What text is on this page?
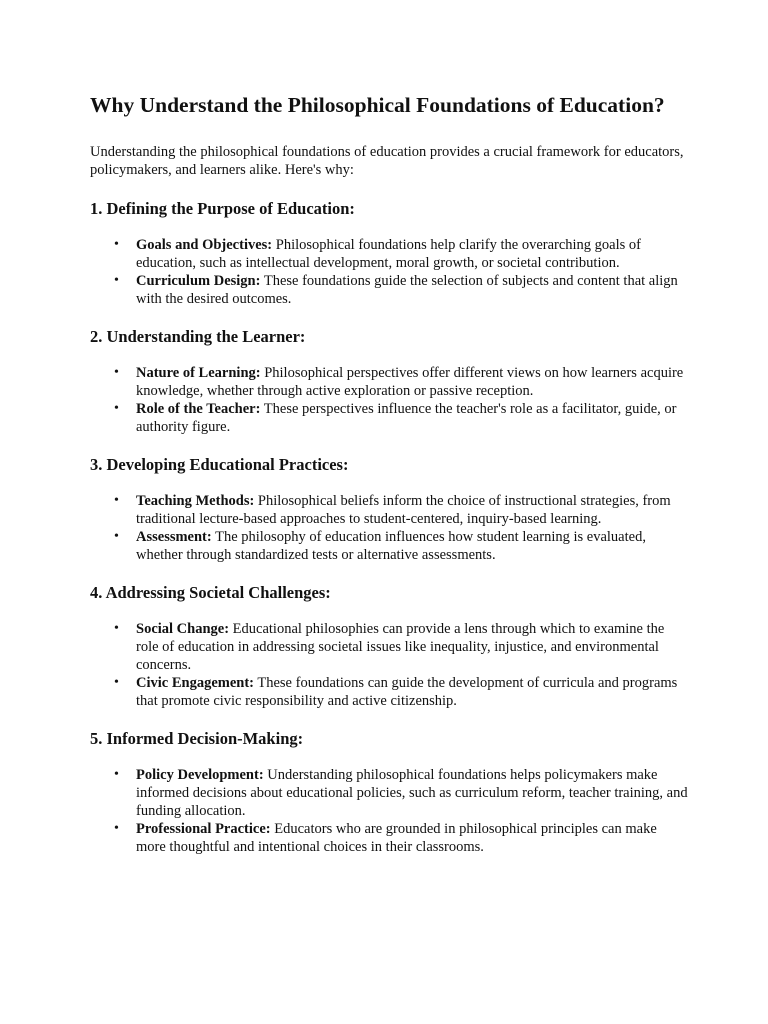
Why Understand the Philosophical Foundations of Education?

Understanding the philosophical foundations of education provides a crucial framework for educators, policymakers, and learners alike. Here's why:

1. Defining the Purpose of Education:
• Goals and Objectives: Philosophical foundations help clarify the overarching goals of education, such as intellectual development, moral growth, or societal contribution.
• Curriculum Design: These foundations guide the selection of subjects and content that align with the desired outcomes.
2. Understanding the Learner:
• Nature of Learning: Philosophical perspectives offer different views on how learners acquire knowledge, whether through active exploration or passive reception.
• Role of the Teacher: These perspectives influence the teacher's role as a facilitator, guide, or authority figure.
3. Developing Educational Practices:
• Teaching Methods: Philosophical beliefs inform the choice of instructional strategies, from traditional lecture-based approaches to student-centered, inquiry-based learning.
• Assessment: The philosophy of education influences how student learning is evaluated, whether through standardized tests or alternative assessments.
4. Addressing Societal Challenges:
• Social Change: Educational philosophies can provide a lens through which to examine the role of education in addressing societal issues like inequality, injustice, and environmental concerns.
• Civic Engagement: These foundations can guide the development of curricula and programs that promote civic responsibility and active citizenship.
5. Informed Decision-Making:
• Policy Development: Understanding philosophical foundations helps policymakers make informed decisions about educational policies, such as curriculum reform, teacher training, and funding allocation.
• Professional Practice: Educators who are grounded in philosophical principles can make more thoughtful and intentional choices in their classrooms.
